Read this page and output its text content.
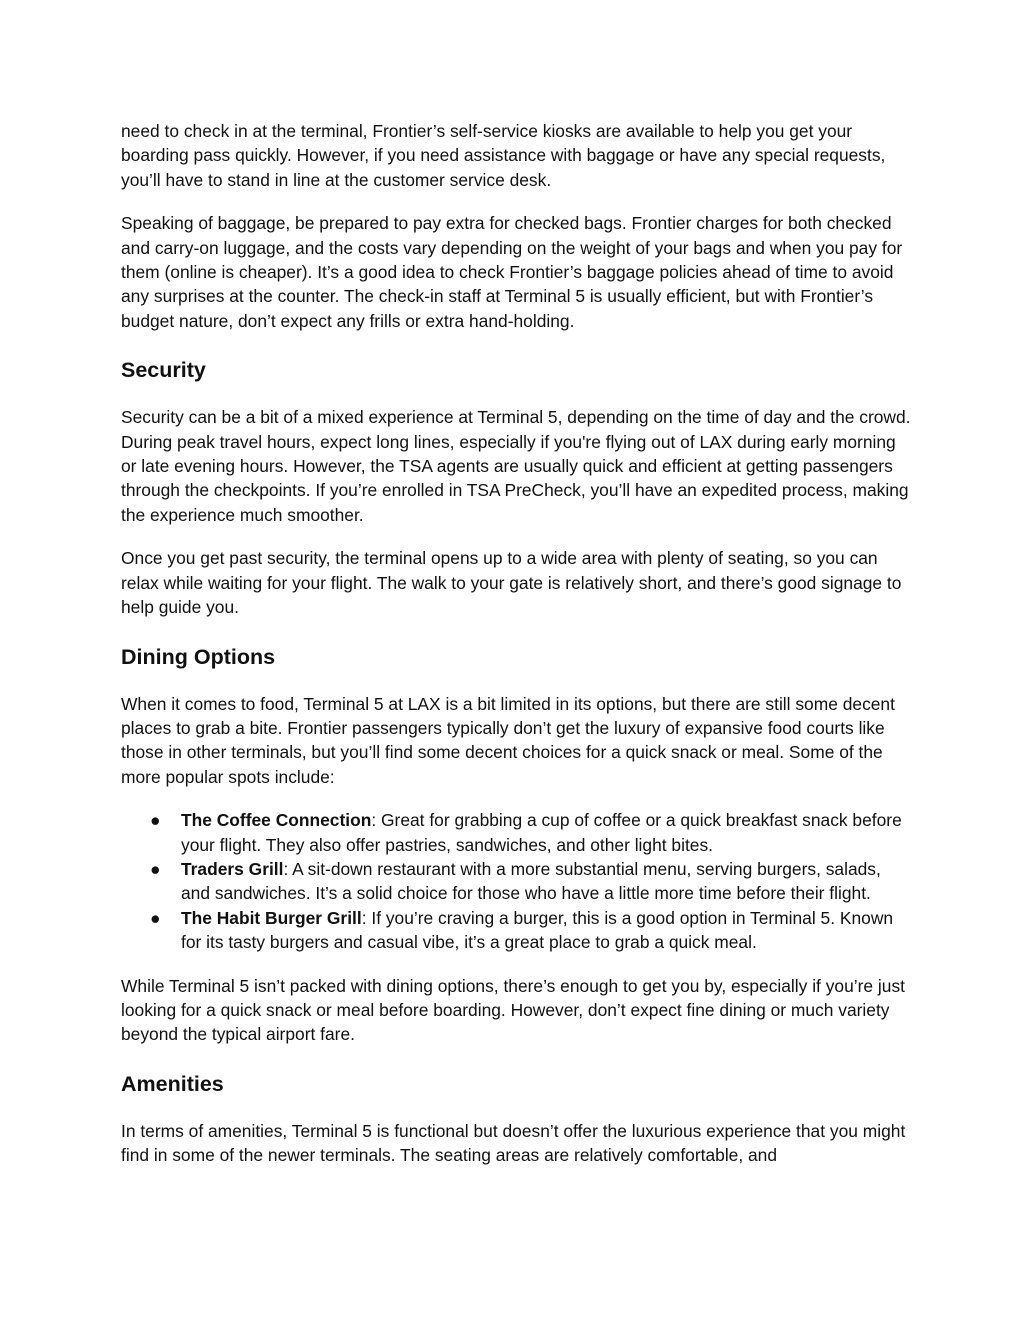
need to check in at the terminal, Frontier’s self-service kiosks are available to help you get your boarding pass quickly. However, if you need assistance with baggage or have any special requests, you’ll have to stand in line at the customer service desk.

Speaking of baggage, be prepared to pay extra for checked bags. Frontier charges for both checked and carry-on luggage, and the costs vary depending on the weight of your bags and when you pay for them (online is cheaper). It’s a good idea to check Frontier’s baggage policies ahead of time to avoid any surprises at the counter. The check-in staff at Terminal 5 is usually efficient, but with Frontier’s budget nature, don’t expect any frills or extra hand-holding.

Security

Security can be a bit of a mixed experience at Terminal 5, depending on the time of day and the crowd. During peak travel hours, expect long lines, especially if you're flying out of LAX during early morning or late evening hours. However, the TSA agents are usually quick and efficient at getting passengers through the checkpoints. If you’re enrolled in TSA PreCheck, you’ll have an expedited process, making the experience much smoother.

Once you get past security, the terminal opens up to a wide area with plenty of seating, so you can relax while waiting for your flight. The walk to your gate is relatively short, and there’s good signage to help guide you.

Dining Options

When it comes to food, Terminal 5 at LAX is a bit limited in its options, but there are still some decent places to grab a bite. Frontier passengers typically don’t get the luxury of expansive food courts like those in other terminals, but you’ll find some decent choices for a quick snack or meal. Some of the more popular spots include:

● The Coffee Connection: Great for grabbing a cup of coffee or a quick breakfast snack before your flight. They also offer pastries, sandwiches, and other light bites.
● Traders Grill: A sit-down restaurant with a more substantial menu, serving burgers, salads, and sandwiches. It’s a solid choice for those who have a little more time before their flight.
● The Habit Burger Grill: If you’re craving a burger, this is a good option in Terminal 5. Known for its tasty burgers and casual vibe, it’s a great place to grab a quick meal.

While Terminal 5 isn’t packed with dining options, there’s enough to get you by, especially if you’re just looking for a quick snack or meal before boarding. However, don’t expect fine dining or much variety beyond the typical airport fare.

Amenities

In terms of amenities, Terminal 5 is functional but doesn’t offer the luxurious experience that you might find in some of the newer terminals. The seating areas are relatively comfortable, and
